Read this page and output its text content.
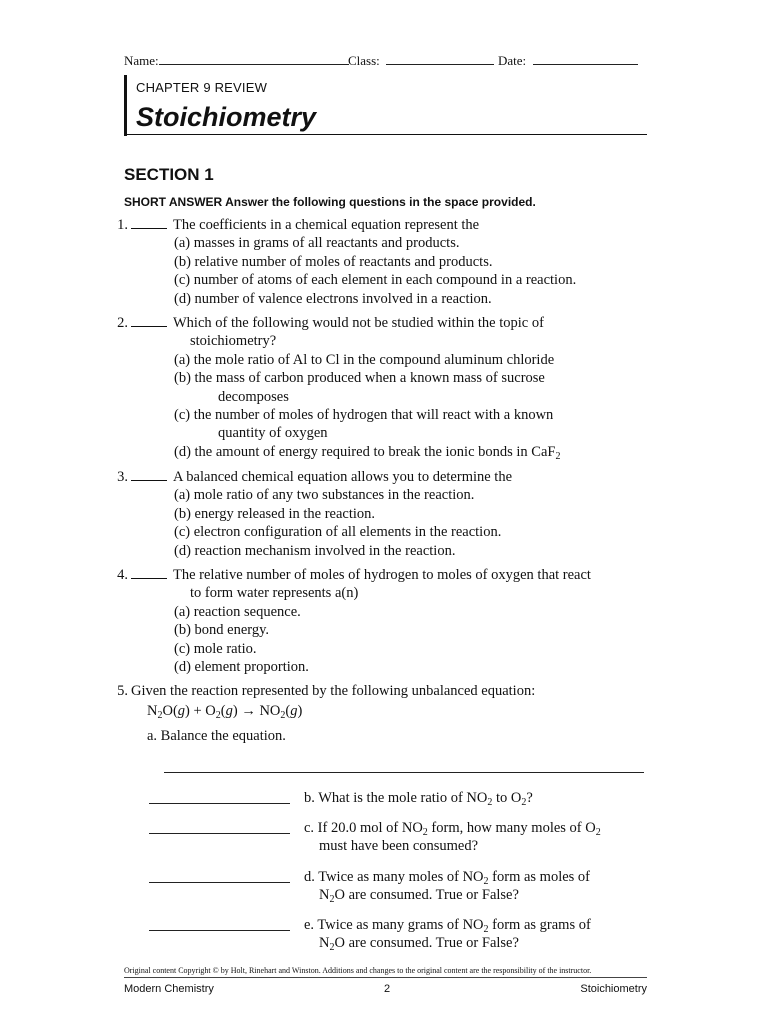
Name:	Class:	Date:
CHAPTER 9 REVIEW
Stoichiometry
SECTION 1
SHORT ANSWER Answer the following questions in the space provided.
1.	The coefficients in a chemical equation represent the
(a) masses in grams of all reactants and products.
(b) relative number of moles of reactants and products.
(c) number of atoms of each element in each compound in a reaction.
(d) number of valence electrons involved in a reaction.
2.	Which of the following would not be studied within the topic of
stoichiometry?
(a) the mole ratio of Al to Cl in the compound aluminum chloride
(b) the mass of carbon produced when a known mass of sucrose
decomposes
(c) the number of moles of hydrogen that will react with a known
quantity of oxygen
(d) the amount of energy required to break the ionic bonds in CaF$_2$
3.	A balanced chemical equation allows you to determine the
(a) mole ratio of any two substances in the reaction.
(b) energy released in the reaction.
(c) electron configuration of all elements in the reaction.
(d) reaction mechanism involved in the reaction.
4.	The relative number of moles of hydrogen to moles of oxygen that react
to form water represents a(n)
(a) reaction sequence.
(b) bond energy.
(c) mole ratio.
(d) element proportion.
5. Given the reaction represented by the following unbalanced equation:
$N_2O(g) + O_2(g) \to NO_2(g)$
a. Balance the equation.
b. What is the mole ratio of $NO_2$ to $O_2$?
c. If 20.0 mol of $NO_2$ form, how many moles of $O_2$
must have been consumed?
d. Twice as many moles of $NO_2$ form as moles of
$N_2O$ are consumed. True or False?
e. Twice as many grams of $NO_2$ form as grams of
$N_2O$ are consumed. True or False?
Original content Copyright © by Holt, Rinehart and Winston. Additions and changes to the original content are the responsibility of the instructor.
Modern Chemistry	2	Stoichiometry
